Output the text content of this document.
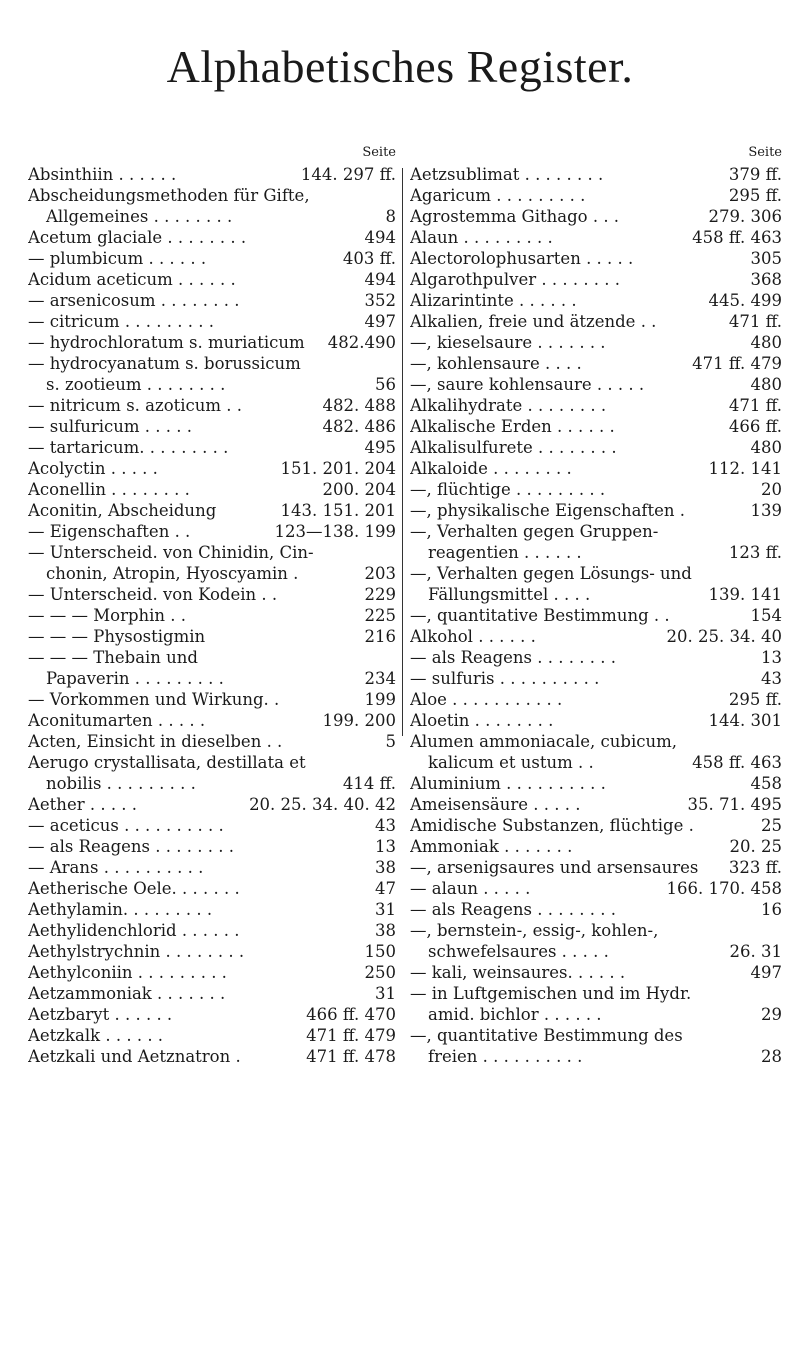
Alphabetisches Register.
Seite
Absinthiin . . . . . .	144. 297 ff.
Abscheidungsmethoden für Gifte,
Allgemeines . . . . . . . .	8
Acetum glaciale . . . . . . . .	494
— plumbicum . . . . . .	403 ff.
Acidum aceticum . . . . . .	494
— arsenicosum . . . . . . . .	352
— citricum . . . . . . . . .	497
— hydrochloratum s. muriaticum 482.490
— hydrocyanatum s. borussicum
s. zootieum . . . . . . . .	56
— nitricum s. azoticum . .	482. 488
— sulfuricum . . . . .	482. 486
— tartaricum. . . . . . . . .	495
Acolyctin . . . . .	151. 201. 204
Aconellin . . . . . . . .	200. 204
Aconitin, Abscheidung	143. 151. 201
— Eigenschaften . .	123—138. 199
— Unterscheid. von Chinidin, Cin-
chonin, Atropin, Hyoscyamin .	203
— Unterscheid. von Kodein . .	229
— — — Morphin . .	225
— — — Physostigmin	216
— — — Thebain und
Papaverin . . . . . . . . .	234
— Vorkommen und Wirkung. .	199
Aconitumarten . . . . .	199. 200
Acten, Einsicht in dieselben . .	5
Aerugo crystallisata, destillata et
nobilis . . . . . . . . .	414 ff.
Aether . . . . .	20. 25. 34. 40. 42
— aceticus . . . . . . . . . .	43
— als Reagens . . . . . . . .	13
— Arans . . . . . . . . . .	38
Aetherische Oele. . . . . . .	47
Aethylamin. . . . . . . . .	31
Aethylidenchlorid . . . . . .	38
Aethylstrychnin . . . . . . . .	150
Aethylconiin . . . . . . . . .	250
Aetzammoniak . . . . . . .	31
Aetzbaryt . . . . . .	466 ff. 470
Aetzkalk . . . . . .	471 ff. 479
Aetzkali und Aetznatron .	471 ff. 478
Seite
Aetzsublimat . . . . . . . .	379 ff.
Agaricum . . . . . . . . .	295 ff.
Agrostemma Githago . . .	279. 306
Alaun . . . . . . . . .	458 ff. 463
Alectorolophusarten . . . . .	305
Algarothpulver . . . . . . . .	368
Alizarintinte . . . . . .	445. 499
Alkalien, freie und ätzende . .	471 ff.
—, kieselsaure . . . . . . .	480
—, kohlensaure . . . .	471 ff. 479
—, saure kohlensaure . . . . .	480
Alkalihydrate . . . . . . . .	471 ff.
Alkalische Erden . . . . . .	466 ff.
Alkalisulfurete . . . . . . . .	480
Alkaloide . . . . . . . .	112. 141
—, flüchtige . . . . . . . . .	20
—, physikalische Eigenschaften .	139
—, Verhalten gegen Gruppen-
reagentien . . . . . .	123 ff.
—, Verhalten gegen Lösungs- und
Fällungsmittel . . . .	139. 141
—, quantitative Bestimmung . .	154
Alkohol . . . . . .	20. 25. 34. 40
— als Reagens . . . . . . . .	13
— sulfuris . . . . . . . . . .	43
Aloe . . . . . . . . . . .	295 ff.
Aloetin . . . . . . . .	144. 301
Alumen ammoniacale, cubicum,
kalicum et ustum . .	458 ff. 463
Aluminium . . . . . . . . . .	458
Ameisensäure . . . . .	35. 71. 495
Amidische Substanzen, flüchtige .	25
Ammoniak . . . . . . .	20. 25
—, arsenigsaures und arsensaures 323 ff.
— alaun . . . . .	166. 170. 458
— als Reagens . . . . . . . .	16
—, bernstein-, essig-, kohlen-,
schwefelsaures . . . . .	26. 31
— kali, weinsaures. . . . . .	497
— in Luftgemischen und im Hydr.
amid. bichlor . . . . . .	29
—, quantitative Bestimmung des
freien . . . . . . . . . .	28
